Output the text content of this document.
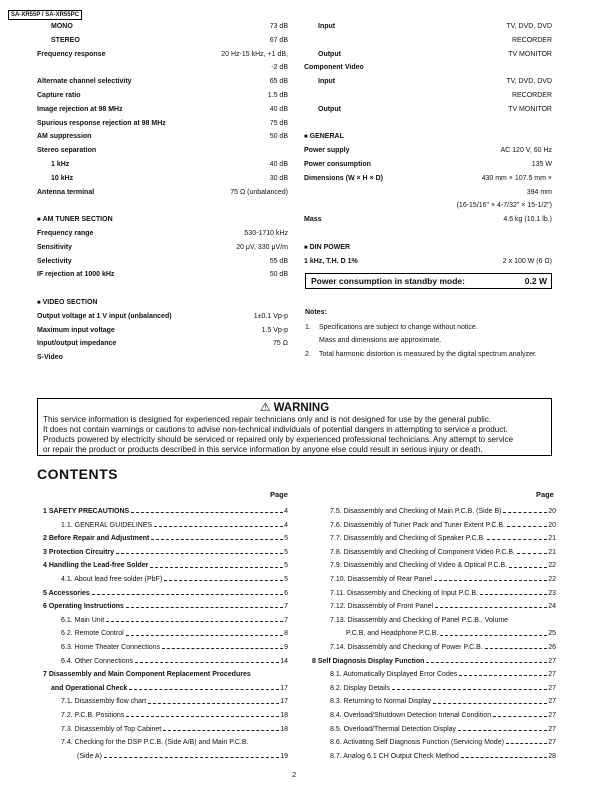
SA-XR55P / SA-XR55PC
MONO	73 dB
STEREO	67 dB
Frequency response	20 Hz-15 kHz, +1 dB,
-2 dB
Alternate channel selectivity	65 dB
Capture ratio	1.5 dB
Image rejection at 98 MHz	40 dB
Spurious response rejection at 98 MHz	75 dB
AM suppression	50 dB
Stereo separation
1 kHz	40 dB
10 kHz	30 dB
Antenna terminal	75 Ω (unbalanced)
■ AM TUNER SECTION
Frequency range	530-1710 kHz
Sensitivity	20 μV, 330 μV/m
Selectivity	55 dB
IF rejection at 1000 kHz	50 dB
■ VIDEO SECTION
Output voltage at 1 V input (unbalanced)	1±0.1 Vp-p
Maximum input voltage	1.5 Vp-p
Input/output impedance	75 Ω
S-Video
Input	TV, DVD, DVD
RECORDER
Output	TV MONITOR
Component Video
Input	TV, DVD, DVD
RECORDER
Output	TV MONITOR
■ GENERAL
Power supply	AC 120 V, 60 Hz
Power consumption	135 W
Dimensions (W × H × D)	430 mm × 107.5 mm ×
394 mm
(16-15/16" × 4-7/32" × 15-1/2")
Mass	4.6 kg (10.1 lb.)
■ DIN POWER
1 kHz, T.H. D 1%	2 x 100 W (6 Ω)
Power consumption in standby mode:	0.2 W
Notes:
1. Specifications are subject to change without notice.
Mass and dimensions are approximate.
2. Total harmonic distortion is measured by the digital spectrum analyzer.
⚠ WARNING
This service information is designed for experienced repair technicians only and is not designed for use by the general public.
It does not contain warnings or cautions to advise non-technical individuals of potential dangers in attempting to service a product.
Products powered by electricity should be serviced or repaired only by experienced professional technicians. Any attempt to service
or repair the product or products described in this service information by anyone else could result in serious injury or death.
CONTENTS
Page	Page
1 SAFETY PRECAUTIONS	4
1.1. GENERAL GUIDELINES	4
2 Before Repair and Adjustment	5
3 Protection Circuitry	5
4 Handling the Lead-free Solder	5
4.1. About lead free solder (PbF)	5
5 Accessories	6
6 Operating Instructions	7
6.1. Main Unit	7
6.2. Remote Control	8
6.3. Home Theater Connections	9
6.4. Other Connections	14
7 Disassembly and Main Component Replacement Procedures
and Operational Check	17
7.1. Disassembly flow chart	17
7.2. P.C.B. Positions	18
7.3. Disassembly of Top Cabinet	18
7.4. Checking for the DSP P.C.B. (Side A/B) and Main P.C.B.
(Side A)	19
7.5. Disassembly and Checking of Main P.C.B. (Side B)	20
7.6. Disassembly of Tuner Pack and Tuner Extent P.C.B.	20
7.7. Disassembly and Checking of Speaker P.C.B.	21
7.8. Disassembly and Checking of Component Video P.C.B.	21
7.9. Disassembly and Checking of Video & Optical P.C.B.	22
7.10. Disassembly of Rear Panel	22
7.11. Disassembly and Checking of Input P.C.B.	23
7.12. Disassembly of Front Panel	24
7.13. Disassembly and Checking of Panel P.C.B., Volume
P.C.B. and Headphone P.C.B.	25
7.14. Disassembly and Checking of Power P.C.B.	26
8 Self Diagnosis Display Function	27
8.1. Automatically Displayed Error Codes	27
8.2. Display Details	27
8.3. Returning to Normal Display	27
8.4. Overload/Shutdown Detection Intenal Condition	27
8.5. Overload/Thermal Detection Display	27
8.6. Activating Self Diagnosis Function (Servicing Mode)	27
8.7. Analog 6.1 CH Output Check Method	28
2
